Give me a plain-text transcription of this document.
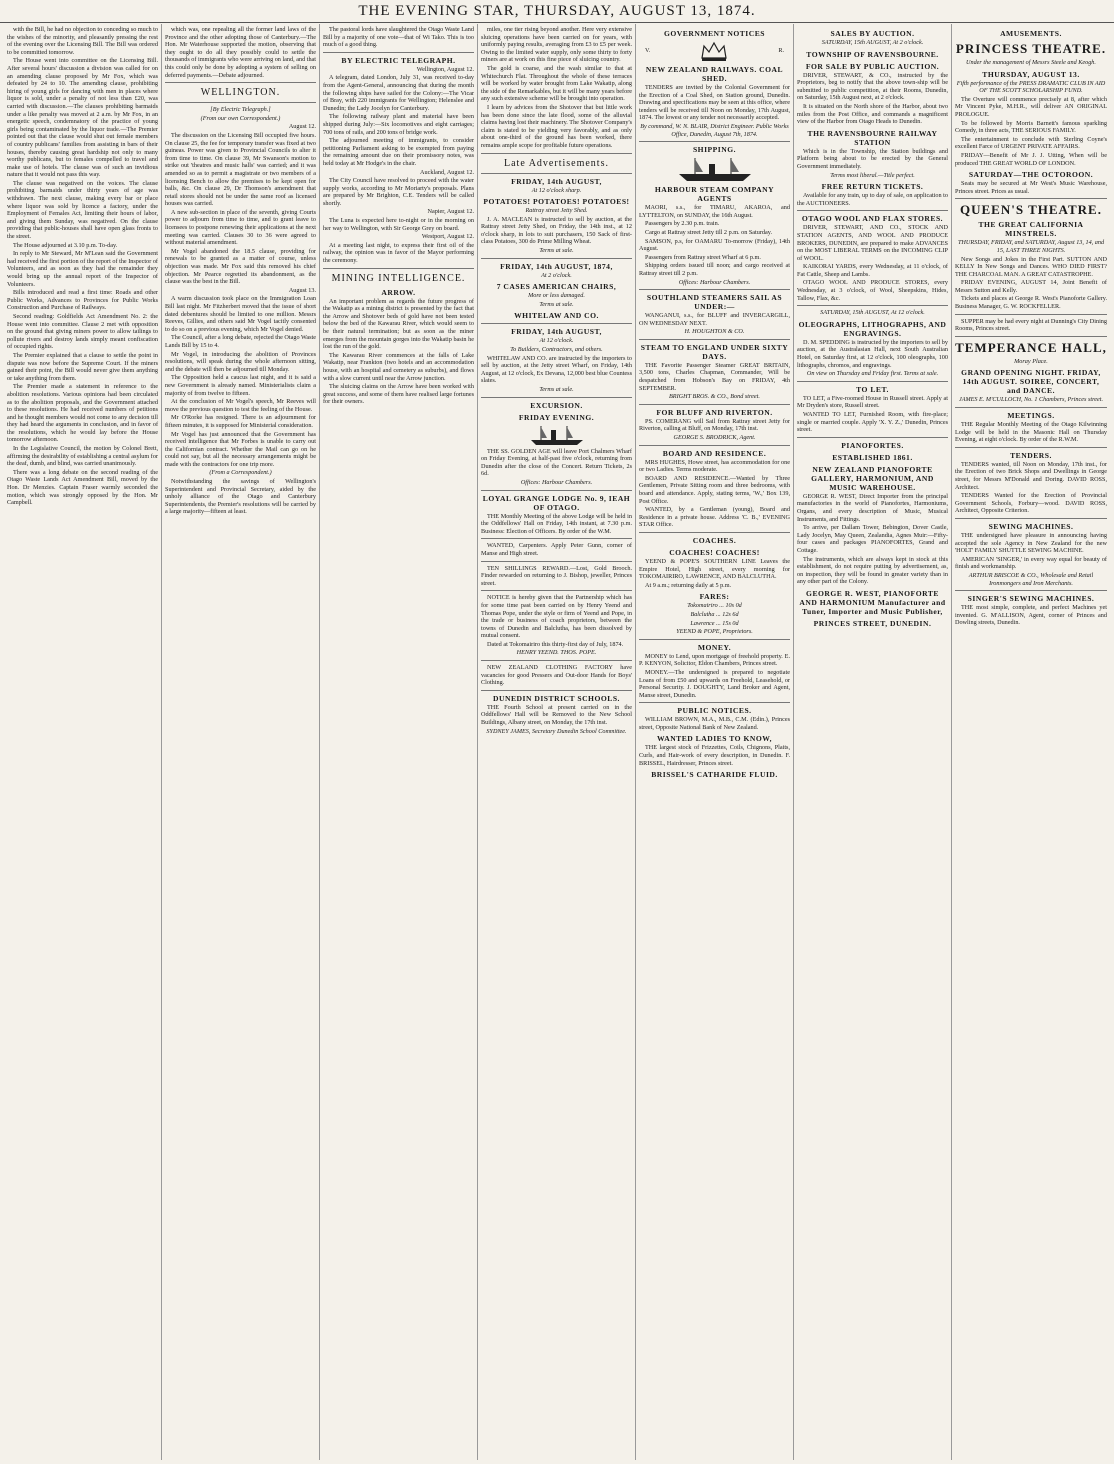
THE EVENING STAR, THURSDAY, AUGUST 13, 1874.

with the Bill, he had no objection to conceding so much to the wishes of the minority, and pleasantly pressing the rest of the evening over the Licensing Bill. The Bill was ordered to be committed tomorrow.

The House went into committee on the Licensing Bill. After several hours' discussion a division was called for on an amending clause proposed by Mr Fox, which was defeated by 24 to 10. The amending clause, prohibiting hiring of young girls for dancing with men in places where liquor is sold, under a penalty of not less than £20, was carried with discussion.—The clauses prohibiting barmaids under a like penalty was moved at 2 a.m. by Mr Fox, in an energetic speech, condemnatory of the practice of young girls being contaminated by the liquor trade.—The Premier pointed out that the clause would shut out female members of country publicans' families from assisting in bars of their houses, thereby causing great hardship not only to many worthy publicans, but to females compelled to travel and make use of hotels. The clause was of such an invidious nature that it would not pass this way.

The clause was negatived on the voices. The clause prohibiting barmaids under thirty years of age was withdrawn. The next clause, making every bar or place where liquor was sold by licence a factory, under the Employment of Females Act, limiting their hours of labor, and giving them Sunday, was negatived. On the clause providing that public-houses shall have open glass fronts to the street.

The House adjourned at 3.10 p.m. To-day.

In reply to Mr Steward, Mr M'Lean said the Government had received the first portion of the report of the Inspector of Volunteers, and as soon as they had the remainder they would bring up the annual report of the Inspector of Volunteers.

Bills introduced and read a first time: Roads and other Public Works, Advances to Provinces for Public Works Construction and Purchase of Railways.

Second reading: Goldfields Act Amendment No. 2: the House went into committee. Clause 2 met with opposition on the ground that giving miners power to allow tailings to pollute rivers and destroy lands simply meant confiscation of occupied rights.

The Premier explained that a clause to settle the point in dispute was now before the Supreme Court. If the miners gained their point, the Bill would never give them anything or take anything from them.

The Premier made a statement in reference to the abolition resolutions. Various opinions had been circulated as to the abolition proposals, and the Government attached to these resolutions. He had received numbers of petitions and he thought members would not come to any decision till they had heard the arguments in conclusion, and in favor of the resolutions, which he would lay before the House tomorrow afternoon.

In the Legislative Council, the motion by Colonel Brett, affirming the desirability of establishing a central asylum for the deaf, dumb, and blind, was carried unanimously.

There was a long debate on the second reading of the Otago Waste Lands Act Amendment Bill, moved by the Hon. Dr Menzies. Captain Fraser warmly seconded the motion, which was strongly opposed by the Hon. Mr Campbell.

which was, one repealing all the former land laws of the Province and the other adopting those of Canterbury.—The Hon. Mr Waterhouse supported the motion, observing that they ought to do all they possibly could to settle the thousands of immigrants who were arriving on land, and that this could only be done by adopting a system of selling on deferred payments.—Debate adjourned.

WELLINGTON.

[By Electric Telegraph.]

(From our own Correspondent.)

August 12.

The discussion on the Licensing Bill occupied five hours. On clause 25, the fee for temporary transfer was fixed at two guineas. Power was given to Provincial Councils to alter it from time to time. On clause 39, Mr Swanson's motion to strike out 'theatres and music halls' was carried; and it was amended so as to permit a magistrate or two members of a licensing Bench to allow the premises to be kept open for balls, &c. On clause 29, Dr Thomson's amendment that retail stores should not be under the same roof as licensed houses was carried.

A new sub-section in place of the seventh, giving Courts power to adjourn from time to time, and to grant leave to licensees to postpone renewing their applications at the next meeting was carried. Clauses 30 to 36 were agreed to without material amendment.

Mr Vogel abandoned the 18.5 clause, providing for renewals to be granted as a matter of course, unless objection was made. Mr Fox said this removed his chief objection. Mr Pearce regretted its abandonment, as the clause was the best in the Bill.

August 13.

A warm discussion took place on the Immigration Loan Bill last night. Mr Fitzherbert moved that the issue of short dated debentures should be limited to one million. Messrs Reeves, Gillies, and others said Mr Vogel tacitly consented to do so on a previous evening, which Mr Vogel denied.

The Council, after a long debate, rejected the Otago Waste Lands Bill by 15 to 4.

Mr Vogel, in introducing the abolition of Provinces resolutions, will speak during the whole afternoon sitting, and the debate will then be adjourned till Monday.

The Opposition held a caucus last night, and it is said a new Government is already named. Ministerialists claim a majority of from twelve to fifteen.

At the conclusion of Mr Vogel's speech, Mr Reeves will move the previous question to test the feeling of the House.

Mr O'Rorke has resigned. There is an adjournment for fifteen minutes, it is supposed for Ministerial consideration.

Mr Vogel has just announced that the Government has received intelligence that Mr Forbes is unable to carry out the Californian contract. Whether the Mail can go on he could not say, but all the necessary arrangements might be made with the contractors for one trip more.

(From a Correspondent.)

Notwithstanding the savings of Wellington's Superintendent and Provincial Secretary, aided by the unholy alliance of the Otago and Canterbury Superintendents, the Premier's resolutions will be carried by a large majority—fifteen at least.

The pastoral lords have slaughtered the Otago Waste Land Bill by a majority of one vote—that of Wi Tako. This is too much of a good thing.

BY ELECTRIC TELEGRAPH.

Wellington, August 12.

A telegram, dated London, July 31, was received to-day from the Agent-General, announcing that during the month the following ships have sailed for the Colony:—The Vicar of Bray, with 220 immigrants for Wellington; Helenslee and Dunedin; the Lady Jocelyn for Canterbury.

The following railway plant and material have been shipped during July:—Six locomotives and eight carriages; 700 tons of rails, and 200 tons of bridge work.

The adjourned meeting of immigrants, to consider petitioning Parliament asking to be exempted from paying the remaining amount due on their promissory notes, was held today at Mr Hodge's in the chair.

Auckland, August 12.

The City Council have resolved to proceed with the water supply works, according to Mr Moriarty's proposals. Plans are prepared by Mr Brighton, C.E. Tenders will be called shortly.

Napier, August 12.

The Luna is expected here to-night or in the morning on her way to Wellington, with Sir George Grey on board.

Westport, August 12.

At a meeting last night, to express their first oil of the railway, the opinion was in favor of the Mayor performing the ceremony.

MINING INTELLIGENCE.

ARROW.

An important problem as regards the future progress of the Wakatip as a mining district is presented by the fact that the Arrow and Shotover beds of gold have not been tested below the bed of the Kawarau River, which would seem to be their natural termination; but as soon as the miner emerges from the mountain gorges into the Wakatip basin he lost the run of the gold.

The Kawarau River commences at the falls of Lake Wakatip, near Frankton (two hotels and an accommodation house, with an hospital and cemetery as suburbs), and flows with a slow current until near the Arrow junction.

The sluicing claims on the Arrow have been worked with great success, and some of them have realised large fortunes for their owners.

miles, one tier rising beyond another. Here very extensive sluicing operations have been carried on for years, with uniformly paying results, averaging from £3 to £5 per week. Owing to the limited water supply, only some thirty to forty miners are at work on this fine piece of sluicing country.

The gold is coarse, and the wash similar to that at Whitechurch Flat. Throughout the whole of these terraces will be worked by water brought from Lake Wakatip, along the side of the Remarkables, but it will be many years before any such extensive scheme will be brought into operation.

I learn by advices from the Shotover that but little work has been done since the late flood, some of the alluvial claims having lost their machinery. The Shotover Company's claim is stated to be yielding very favorably, and as only about one-third of the ground has been worked, there remains ample scope for profitable future operations.

Late Advertisements.

FRIDAY, 14th AUGUST,

At 12 o'clock sharp.

POTATOES! POTATOES! POTATOES!

Rattray street Jetty Shed.

J. A. MACLEAN is instructed to sell by auction, at the Rattray street Jetty Shed, on Friday, the 14th inst., at 12 o'clock sharp, in lots to suit purchasers, 150 Sack of first-class Potatoes, 300 do Prime Milling Wheat.

Terms at sale.

FRIDAY, 14th AUGUST, 1874,

At 2 o'clock.

7 CASES AMERICAN CHAIRS,

More or less damaged.

Terms at sale.

WHITELAW AND CO.

FRIDAY, 14th AUGUST,

At 12 o'clock.

To Builders, Contractors, and others.

WHITELAW AND CO. are instructed by the importers to sell by auction, at the Jetty street Wharf, on Friday, 14th August, at 12 o'clock, Ex Devana, 12,000 best blue Countess slates.

Terms at sale.

EXCURSION.

FRIDAY EVENING.

THE SS. GOLDEN AGE will leave Port Chalmers Wharf on Friday Evening, at half-past five o'clock, returning from Dunedin after the close of the Concert. Return Tickets, 2s 6d.

Offices: Harbour Chambers.

LOYAL GRANGE LODGE No. 9, IEAH OF OTAGO.

THE Monthly Meeting of the above Lodge will be held in the Oddfellows' Hall on Friday, 14th instant, at 7.30 p.m. Business: Election of Officers. By order of the W.M.

WANTED, Carpenters. Apply Peter Gunn, corner of Manse and High street.

TEN SHILLINGS REWARD.—Lost, Gold Brooch. Finder rewarded on returning to J. Bishop, jeweller, Princes street.

NOTICE is hereby given that the Partnership which has for some time past been carried on by Henry Yeend and Thomas Pope, under the style or firm of Yeend and Pope, in the trade or business of coach proprietors, between the towns of Dunedin and Balclutha, has been dissolved by mutual consent.

Dated at Tokomairiro this thirty-first day of July, 1874.

HENRY YEEND. THOS. POPE.

NEW ZEALAND CLOTHING FACTORY have vacancies for good Pressers and Out-door Hands for Boys' Clothing.

DUNEDIN DISTRICT SCHOOLS.

THE Fourth School at present carried on in the Oddfellows' Hall will be Removed to the New School Buildings, Albany street, on Monday, the 17th inst.

SYDNEY JAMES, Secretary Dunedin School Committee.

GOVERNMENT NOTICES

V.	R.

NEW ZEALAND RAILWAYS. COAL SHED.

TENDERS are invited by the Colonial Government for the Erection of a Coal Shed, on Station ground, Dunedin. Drawing and specifications may be seen at this office, where tenders will be received till Noon on Monday, 17th August, 1874. The lowest or any tender not necessarily accepted.

By command, W. N. BLAIR, District Engineer. Public Works Office, Dunedin, August 7th, 1874.

SHIPPING.

HARBOUR STEAM COMPANY AGENTS

MAORI, s.s., for TIMARU, AKAROA, and LYTTELTON, on SUNDAY, the 16th August.

Passengers by 2.30 p.m. train.

Cargo at Rattray street Jetty till 2 p.m. on Saturday.

SAMSON, p.s, for OAMARU To-morrow (Friday), 14th August.

Passengers from Rattray street Wharf at 6 p.m.

Shipping orders issued till noon; and cargo received at Rattray street till 2 p.m.

Offices: Harbour Chambers.

SOUTHLAND STEAMERS SAIL AS UNDER:—

WANGANUI, s.s., for BLUFF and INVERCARGILL, ON WEDNESDAY NEXT.

H. HOUGHTON & CO.

STEAM TO ENGLAND UNDER SIXTY DAYS.

THE Favorite Passenger Steamer GREAT BRITAIN, 3,500 tons, Charles Chapman, Commander, Will be despatched from Hobson's Bay on FRIDAY, 4th SEPTEMBER.

BRIGHT BROS. & CO., Bond street.

FOR BLUFF AND RIVERTON.

PS. COMERANG will Sail from Rattray street Jetty for Riverton, calling at Bluff, on Monday, 17th inst.

GEORGE S. BRODRICK, Agent.

BOARD AND RESIDENCE.

MRS HUGHES, Howe street, has accommodation for one or two Ladies. Terms moderate.

BOARD AND RESIDENCE.—Wanted by Three Gentlemen, Private Sitting room and three bedrooms, with board and attendance. Apply, stating terms, 'W.,' Box 139, Post Office.

WANTED, by a Gentleman (young), Board and Residence in a private house. Address 'C. B.,' EVENING STAR Office.

COACHES.

COACHES! COACHES!

YEEND & POPE'S SOUTHERN LINE Leaves the Empire Hotel, High street, every morning for TOKOMAIRIRO, LAWRENCE, AND BALCLUTHA.

At 9 a.m.; returning daily at 5 p.m.

FARES:

Tokomairiro ... 10s 0d

Balclutha ... 12s 6d

Lawrence ... 15s 0d

YEEND & POPE, Proprietors.

MONEY.

MONEY to Lend, upon mortgage of freehold property. E. P. KENYON, Solicitor, Eldon Chambers, Princes street.

MONEY.—The undersigned is prepared to negotiate Loans of from £50 and upwards on Freehold, Leasehold, or Personal Security. J. DOUGHTY, Land Broker and Agent, Manse street, Dunedin.

PUBLIC NOTICES.

WILLIAM BROWN, M.A., M.B., C.M. (Edin.), Princes street, Opposite National Bank of New Zealand.

WANTED LADIES TO KNOW,

THE largest stock of Frizzettes, Coils, Chignons, Plaits, Curls, and Hair-work of every description, in Dunedin. F. BRISSEL, Hairdresser, Princes street.

BRISSEL'S CATHARIDE FLUID.

SALES BY AUCTION.

SATURDAY, 15th AUGUST, At 2 o'clock.

TOWNSHIP OF RAVENSBOURNE.

FOR SALE BY PUBLIC AUCTION.

DRIVER, STEWART, & CO., instructed by the Proprietors, beg to notify that the above town-ship will be submitted to public competition, at their Rooms, Dunedin, on Saturday, 15th August next, at 2 o'clock.

It is situated on the North shore of the Harbor, about two miles from the Post Office, and commands a magnificent view of the Harbor from Otago Heads to Dunedin.

THE RAVENSBOURNE RAILWAY STATION

Which is in the Township, the Station buildings and Platform being about to be erected by the General Government immediately.

Terms most liberal.—Title perfect.

FREE RETURN TICKETS.

Available for any train, up to day of sale, on application to the AUCTIONEERS.

OTAGO WOOL AND FLAX STORES.

DRIVER, STEWART, AND CO., STOCK AND STATION AGENTS, AND WOOL AND PRODUCE BROKERS, DUNEDIN, are prepared to make ADVANCES on the MOST LIBERAL TERMS on the INCOMING CLIP of WOOL.

KAIKORAI YARDS, every Wednesday, at 11 o'clock, of Fat Cattle, Sheep and Lambs.

OTAGO WOOL AND PRODUCE STORES, every Wednesday, at 3 o'clock, of Wool, Sheepskins, Hides, Tallow, Flax, &c.

SATURDAY, 15th AUGUST, At 12 o'clock.

OLEOGRAPHS, LITHOGRAPHS, AND ENGRAVINGS.

D. M. SPEDDING is instructed by the importers to sell by auction, at the Australasian Hall, next South Australian Hotel, on Saturday first, at 12 o'clock, 100 oleographs, 100 lithographs, chromos, and engravings.

On view on Thursday and Friday first. Terms at sale.

TO LET.

TO LET, a Five-roomed House in Russell street. Apply at Mr Dryden's store, Russell street.

WANTED TO LET, Furnished Room, with fire-place; single or married couple. Apply 'X. Y. Z.,' Dunedin, Princes street.

PIANOFORTES.

ESTABLISHED 1861.

NEW ZEALAND PIANOFORTE GALLERY, HARMONIUM, AND MUSIC WAREHOUSE.

GEORGE R. WEST, Direct Importer from the principal manufactories in the world of Pianofortes, Harmoniums, Organs, and every description of Music, Musical Instruments, and Fittings.

To arrive, per Dallam Tower, Bebington, Dover Castle, Lady Jocelyn, May Queen, Zealandia, Agnes Muir:—Fifty-four cases and packages PIANOFORTES, Grand and Cottage.

The instruments, which are always kept in stock at this establishment, do not require putting by advertisement, as, on inspection, they will be found in greater variety than in any other part of the Colony.

GEORGE R. WEST, PIANOFORTE AND HARMONIUM Manufacturer and Tuner, Importer and Music Publisher,

PRINCES STREET, DUNEDIN.

AMUSEMENTS.

PRINCESS THEATRE.

Under the management of Messrs Steele and Keogh.

THURSDAY, AUGUST 13.

Fifth performance of the PRESS DRAMATIC CLUB IN AID OF THE SCOTT SCHOLARSHIP FUND.

The Overture will commence precisely at 8, after which Mr Vincent Pyke, M.H.R., will deliver AN ORIGINAL PROLOGUE.

To be followed by Morris Barnett's famous sparkling Comedy, in three acts, THE SERIOUS FAMILY.

The entertainment to conclude with Sterling Coyne's excellent Farce of URGENT PRIVATE AFFAIRS.

FRIDAY—Benefit of Mr J. J. Utting, When will be produced THE GREAT WORLD OF LONDON.

SATURDAY—THE OCTOROON.

Seats may be secured at Mr West's Music Warehouse, Princes street. Prices as usual.

QUEEN'S THEATRE.

THE GREAT CALIFORNIA MINSTRELS.

THURSDAY, FRIDAY, and SATURDAY, August 13, 14, and 15, LAST THREE NIGHTS.

New Songs and Jokes in the First Part. SUTTON AND KELLY In New Songs and Dances. WHO DIED FIRST? THE CHARCOAL MAN. A GREAT CATASTROPHE.

FRIDAY EVENING, AUGUST 14, Joint Benefit of Messrs Sutton and Kelly.

Tickets and places at George R. West's Pianoforte Gallery. Business Manager, G. W. ROCKFELLER.

SUPPER may be had every night at Dunning's City Dining Rooms, Princes street.

TEMPERANCE HALL,

Moray Place.

GRAND OPENING NIGHT. FRIDAY, 14th AUGUST. SOIREE, CONCERT, and DANCE.

JAMES E. M'CULLOCH, No. 1 Chambers, Princes street.

MEETINGS.

THE Regular Monthly Meeting of the Otago Kilwinning Lodge will be held in the Masonic Hall on Thursday Evening, at eight o'clock. By order of the R.W.M.

TENDERS.

TENDERS wanted, till Noon on Monday, 17th inst., for the Erection of two Brick Shops and Dwellings in George street, for Messrs M'Donald and Doring. DAVID ROSS, Architect.

TENDERS Wanted for the Erection of Provincial Government Schools, Forbury—wood. DAVID ROSS, Architect, Opposite Criterion.

SEWING MACHINES.

THE undersigned have pleasure in announcing having accepted the sole Agency in New Zealand for the new 'HOLT' FAMILY SHUTTLE SEWING MACHINE.

AMERICAN 'SINGER,' in every way equal for beauty of finish and workmanship.

ARTHUR BRISCOE & CO., Wholesale and Retail Ironmongers and Iron Merchants.

SINGER'S SEWING MACHINES.

THE most simple, complete, and perfect Machines yet invented. G. M'ALLISON, Agent, corner of Princes and Dowling streets, Dunedin.
